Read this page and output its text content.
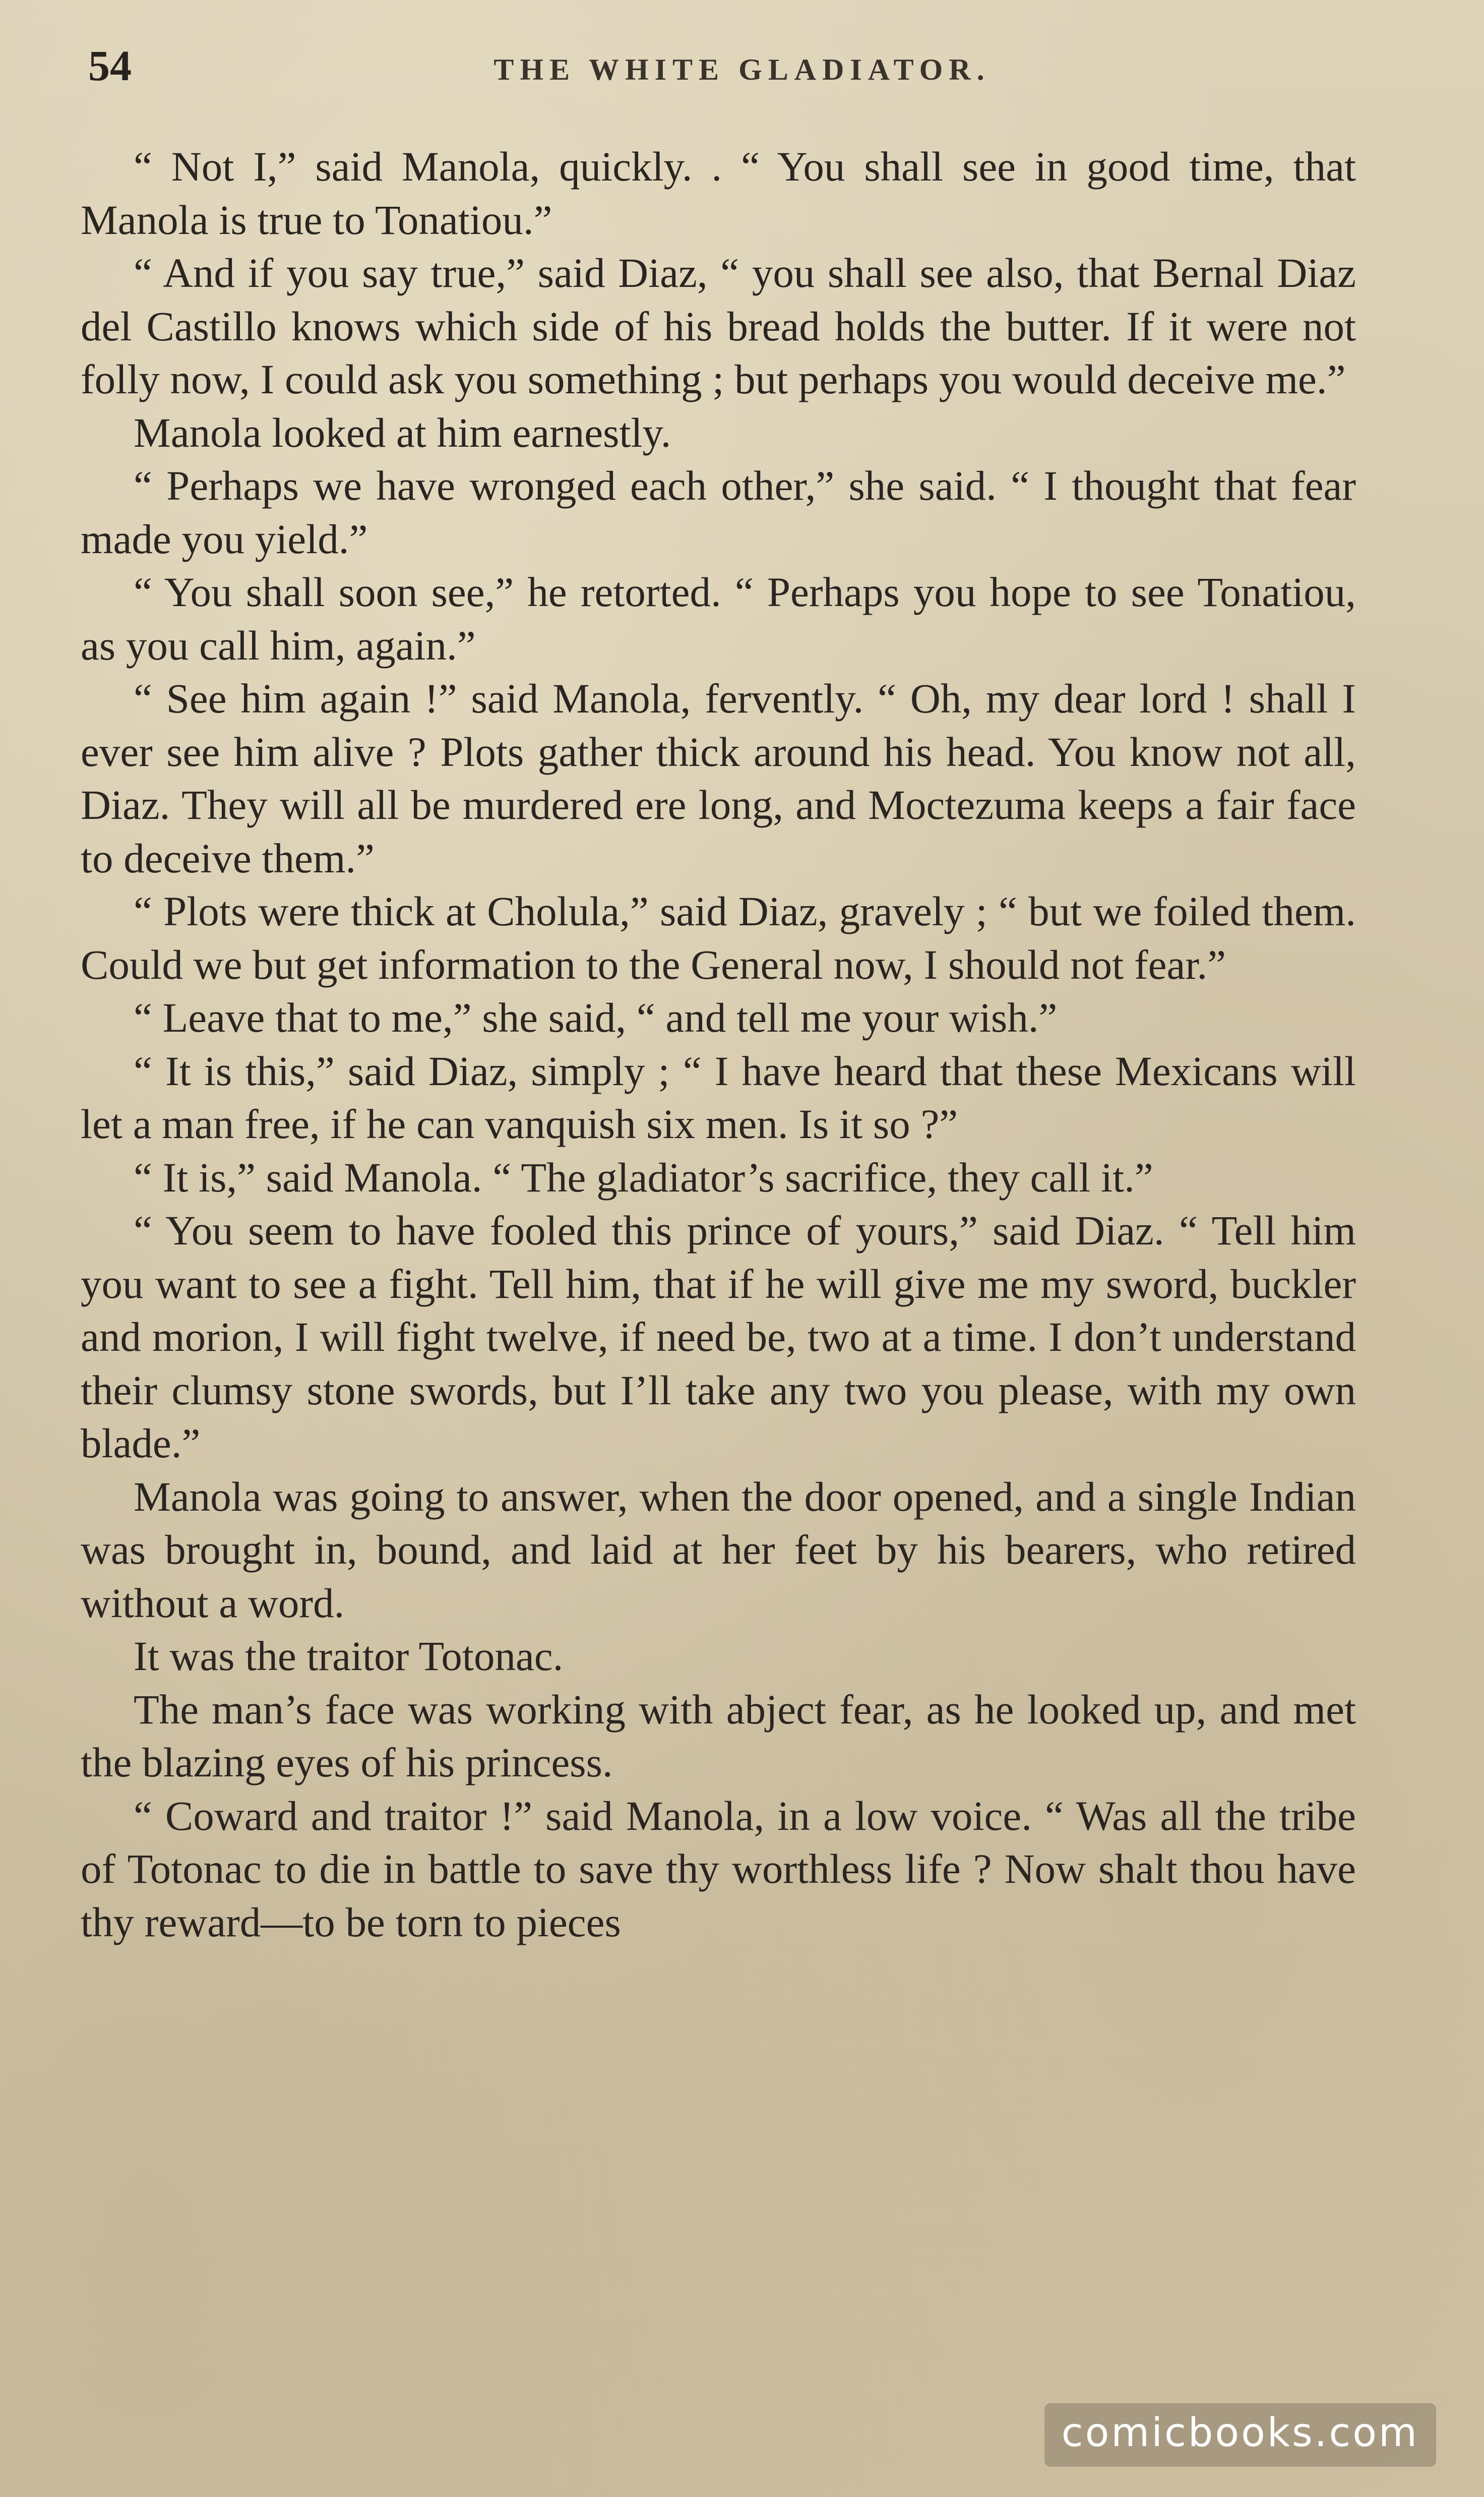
54	THE WHITE GLADIATOR.

“ Not I,” said Manola, quickly. . “ You shall see in good time, that Manola is true to Tonatiou.”

“ And if you say true,” said Diaz, “ you shall see also, that Bernal Diaz del Castillo knows which side of his bread holds the butter. If it were not folly now, I could ask you something ; but perhaps you would deceive me.”

Manola looked at him earnestly.

“ Perhaps we have wronged each other,” she said. “ I thought that fear made you yield.”

“ You shall soon see,” he retorted. “ Perhaps you hope to see Tonatiou, as you call him, again.”

“ See him again !” said Manola, fervently. “ Oh, my dear lord ! shall I ever see him alive ? Plots gather thick around his head. You know not all, Diaz. They will all be murdered ere long, and Moctezuma keeps a fair face to deceive them.”

“ Plots were thick at Cholula,” said Diaz, gravely ; “ but we foiled them. Could we but get information to the General now, I should not fear.”

“ Leave that to me,” she said, “ and tell me your wish.”

“ It is this,” said Diaz, simply ; “ I have heard that these Mexicans will let a man free, if he can vanquish six men. Is it so ?”

“ It is,” said Manola. “ The gladiator’s sacrifice, they call it.”

“ You seem to have fooled this prince of yours,” said Diaz. “ Tell him you want to see a fight. Tell him, that if he will give me my sword, buckler and morion, I will fight twelve, if need be, two at a time. I don’t understand their clumsy stone swords, but I’ll take any two you please, with my own blade.”

Manola was going to answer, when the door opened, and a single Indian was brought in, bound, and laid at her feet by his bearers, who retired without a word.

It was the traitor Totonac.

The man’s face was working with abject fear, as he looked up, and met the blazing eyes of his princess.

“ Coward and traitor !” said Manola, in a low voice. “ Was all the tribe of Totonac to die in battle to save thy worthless life ? Now shalt thou have thy reward—to be torn to pieces

comicbooks.com
